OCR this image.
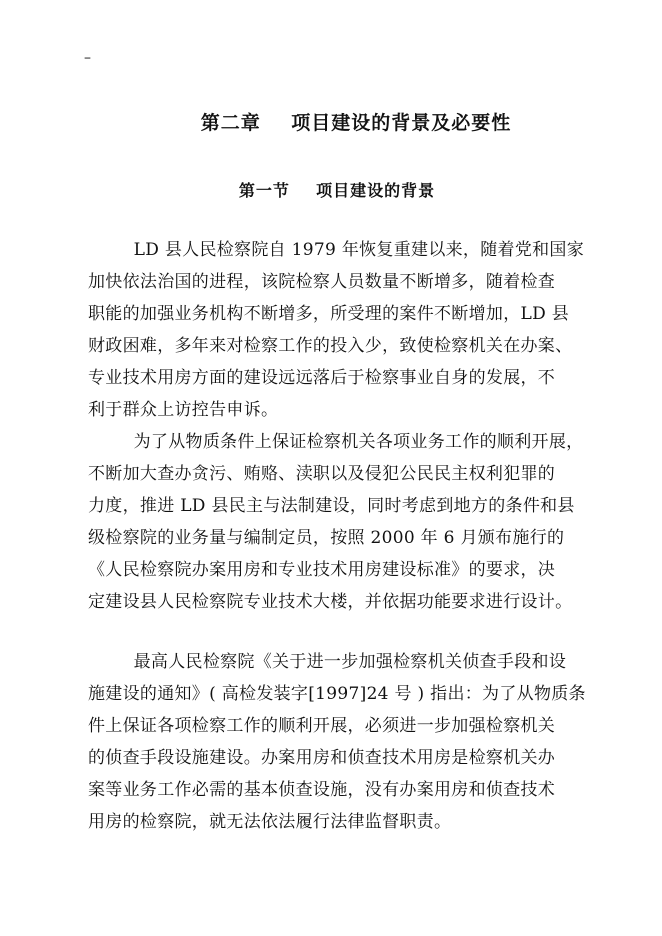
–
第二章    项目建设的背景及必要性
第一节    项目建设的背景
LD 县人民检察院自 1979 年恢复重建以来，随着党和国家
加快依法治国的进程，该院检察人员数量不断增多，随着检查
职能的加强业务机构不断增多，所受理的案件不断增加，LD 县
财政困难，多年来对检察工作的投入少，致使检察机关在办案、
专业技术用房方面的建设远远落后于检察事业自身的发展，不
利于群众上访控告申诉。
为了从物质条件上保证检察机关各项业务工作的顺利开展，
不断加大查办贪污、贿赂、渎职以及侵犯公民民主权利犯罪的
力度，推进 LD 县民主与法制建设，同时考虑到地方的条件和县
级检察院的业务量与编制定员，按照 2000 年 6 月颁布施行的
《人民检察院办案用房和专业技术用房建设标准》的要求，决
定建设县人民检察院专业技术大楼，并依据功能要求进行设计。
最高人民检察院《关于进一步加强检察机关侦查手段和设
施建设的通知》( 高检发装字[1997]24 号 ) 指出：为了从物质条
件上保证各项检察工作的顺利开展，必须进一步加强检察机关
的侦查手段设施建设。办案用房和侦查技术用房是检察机关办
案等业务工作必需的基本侦查设施，没有办案用房和侦查技术
用房的检察院，就无法依法履行法律监督职责。
